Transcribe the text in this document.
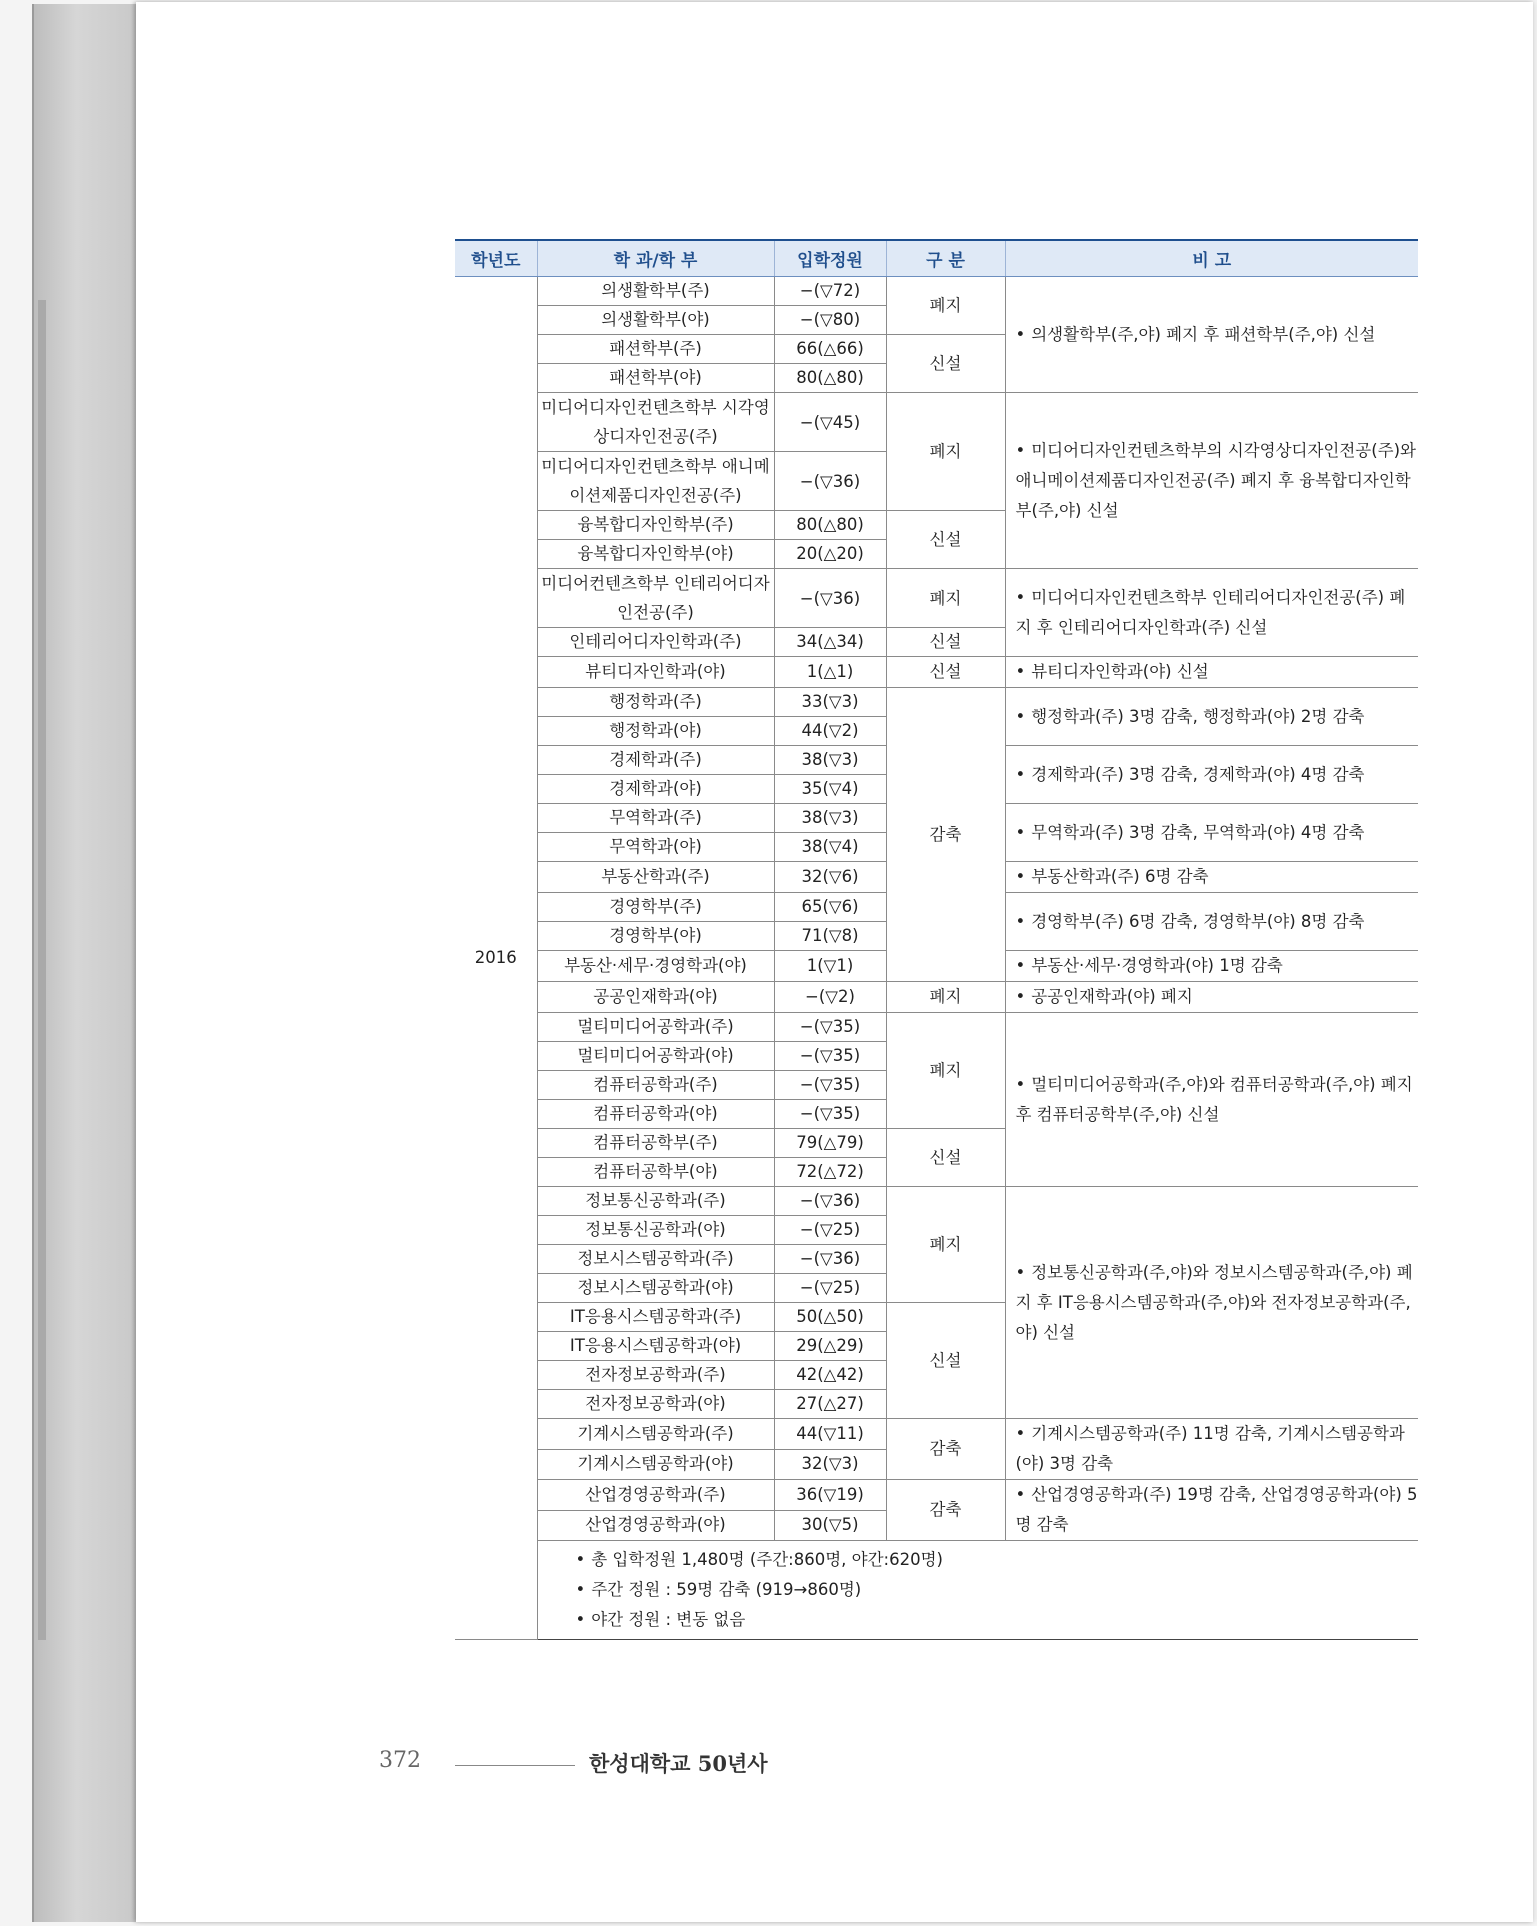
학년도	학 과/학 부	입학정원	구 분	비 고
2016	의생활학부(주)	−(▽72)	폐지	• 의생활학부(주,야) 폐지 후 패션학부(주,야) 신설
	의생활학부(야)	−(▽80)		
	패션학부(주)	66(△66)	신설	
	패션학부(야)	80(△80)		
	미디어디자인컨텐츠학부 시각영상디자인전공(주)	−(▽45)	폐지	• 미디어디자인컨텐츠학부의 시각영상디자인전공(주)와 애니메이션제품디자인전공(주) 폐지 후 융복합디자인학부(주,야) 신설
	미디어디자인컨텐츠학부 애니메이션제품디자인전공(주)	−(▽36)		
	융복합디자인학부(주)	80(△80)	신설	
	융복합디자인학부(야)	20(△20)		
	미디어컨텐츠학부 인테리어디자인전공(주)	−(▽36)	폐지	• 미디어디자인컨텐츠학부 인테리어디자인전공(주) 폐지 후 인테리어디자인학과(주) 신설
	인테리어디자인학과(주)	34(△34)	신설	
	뷰티디자인학과(야)	1(△1)	신설	• 뷰티디자인학과(야) 신설
	행정학과(주)	33(▽3)	감축	• 행정학과(주) 3명 감축, 행정학과(야) 2명 감축
	행정학과(야)	44(▽2)		
	경제학과(주)	38(▽3)		• 경제학과(주) 3명 감축, 경제학과(야) 4명 감축
	경제학과(야)	35(▽4)		
	무역학과(주)	38(▽3)		• 무역학과(주) 3명 감축, 무역학과(야) 4명 감축
	무역학과(야)	38(▽4)		
	부동산학과(주)	32(▽6)		• 부동산학과(주) 6명 감축
	경영학부(주)	65(▽6)		• 경영학부(주) 6명 감축, 경영학부(야) 8명 감축
	경영학부(야)	71(▽8)		
	부동산·세무·경영학과(야)	1(▽1)		• 부동산·세무·경영학과(야) 1명 감축
	공공인재학과(야)	−(▽2)	폐지	• 공공인재학과(야) 폐지
	멀티미디어공학과(주)	−(▽35)	폐지	• 멀티미디어공학과(주,야)와 컴퓨터공학과(주,야) 폐지 후 컴퓨터공학부(주,야) 신설
	멀티미디어공학과(야)	−(▽35)		
	컴퓨터공학과(주)	−(▽35)		
	컴퓨터공학과(야)	−(▽35)		
	컴퓨터공학부(주)	79(△79)	신설	
	컴퓨터공학부(야)	72(△72)		
	정보통신공학과(주)	−(▽36)	폐지	• 정보통신공학과(주,야)와 정보시스템공학과(주,야) 폐지 후 IT응용시스템공학과(주,야)와 전자정보공학과(주,야) 신설
	정보통신공학과(야)	−(▽25)		
	정보시스템공학과(주)	−(▽36)		
	정보시스템공학과(야)	−(▽25)		
	IT응용시스템공학과(주)	50(△50)	신설	
	IT응용시스템공학과(야)	29(△29)		
	전자정보공학과(주)	42(△42)		
	전자정보공학과(야)	27(△27)		
	기계시스템공학과(주)	44(▽11)	감축	• 기계시스템공학과(주) 11명 감축, 기계시스템공학과(야) 3명 감축
	기계시스템공학과(야)	32(▽3)		
	산업경영공학과(주)	36(▽19)	감축	• 산업경영공학과(주) 19명 감축, 산업경영공학과(야) 5명 감축
	산업경영공학과(야)	30(▽5)		

	• 총 입학정원 1,480명 (주간:860명, 야간:620명)
• 주간 정원 : 59명 감축 (919→860명)
• 야간 정원 : 변동 없음			
372	한성대학교 50년사
